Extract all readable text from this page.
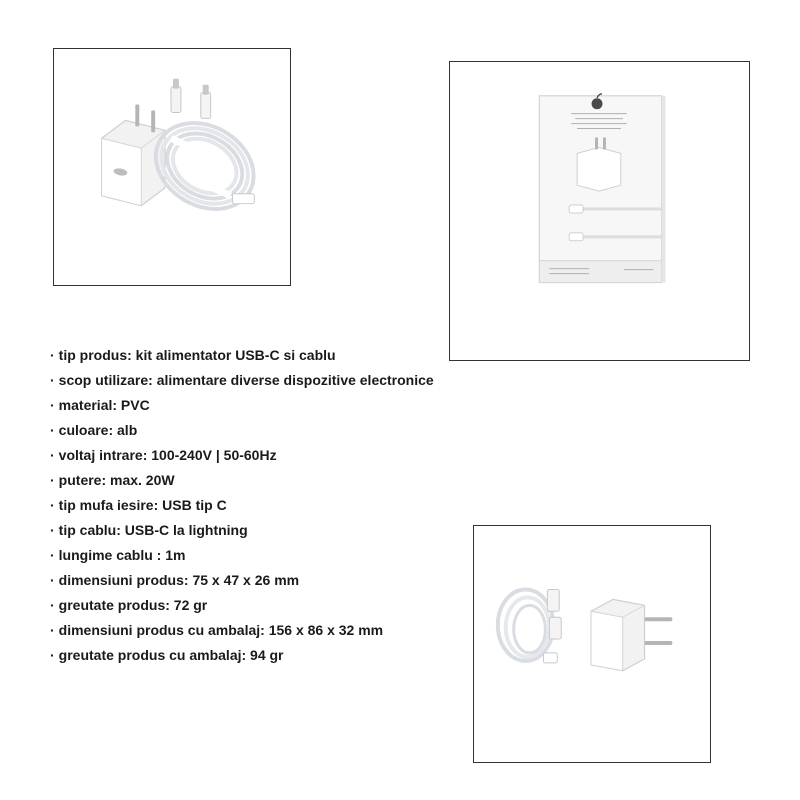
· tip produs: kit alimentator USB-C si cablu
· scop utilizare: alimentare diverse dispozitive electronice
· material: PVC
· culoare: alb
· voltaj intrare: 100-240V | 50-60Hz
· putere: max. 20W
· tip mufa iesire: USB tip C
· tip cablu: USB-C la lightning
· lungime cablu : 1m
· dimensiuni produs: 75 x 47 x 26 mm
· greutate produs: 72 gr
· dimensiuni produs cu ambalaj: 156 x 86 x 32 mm
· greutate produs cu ambalaj: 94 gr
